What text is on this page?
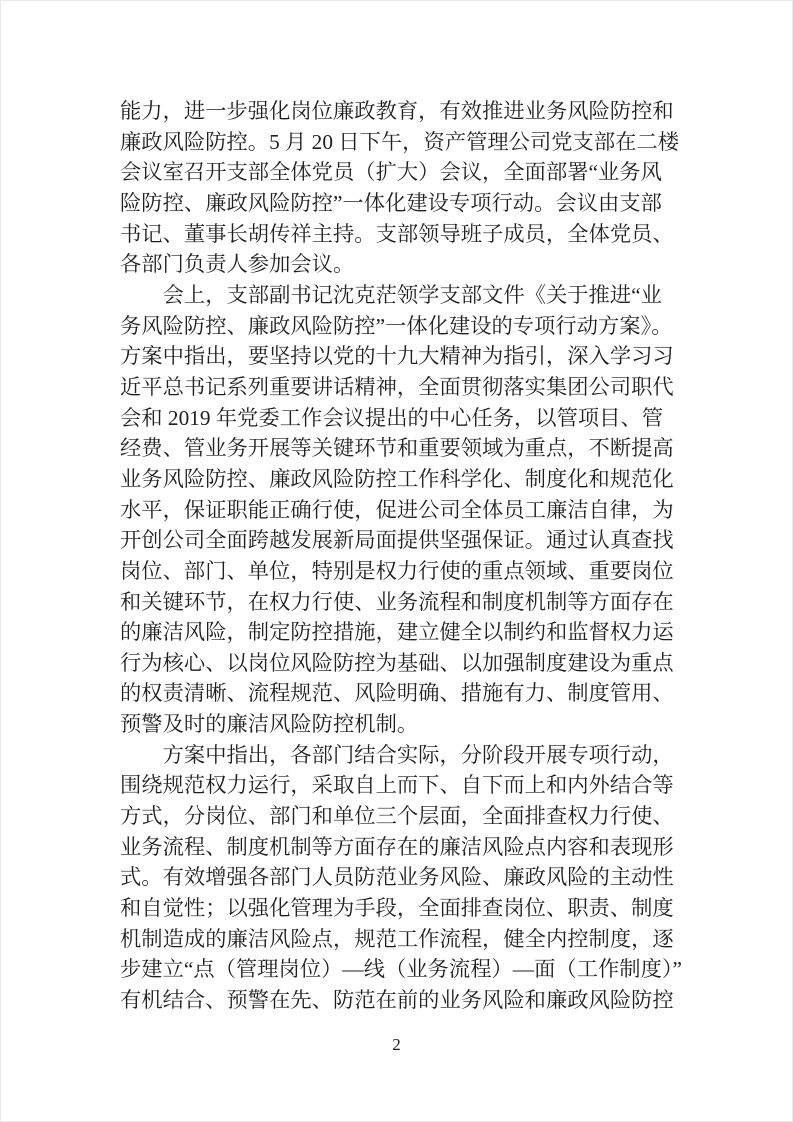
能力，进一步强化岗位廉政教育，有效推进业务风险防控和
廉政风险防控。5 月 20 日下午，资产管理公司党支部在二楼
会议室召开支部全体党员（扩大）会议，全面部署“业务风
险防控、廉政风险防控”一体化建设专项行动。会议由支部
书记、董事长胡传祥主持。支部领导班子成员，全体党员、
各部门负责人参加会议。
会上，支部副书记沈克茫领学支部文件《关于推进“业
务风险防控、廉政风险防控”一体化建设的专项行动方案》。
方案中指出，要坚持以党的十九大精神为指引，深入学习习
近平总书记系列重要讲话精神，全面贯彻落实集团公司职代
会和 2019 年党委工作会议提出的中心任务，以管项目、管
经费、管业务开展等关键环节和重要领域为重点，不断提高
业务风险防控、廉政风险防控工作科学化、制度化和规范化
水平，保证职能正确行使，促进公司全体员工廉洁自律，为
开创公司全面跨越发展新局面提供坚强保证。通过认真查找
岗位、部门、单位，特别是权力行使的重点领域、重要岗位
和关键环节，在权力行使、业务流程和制度机制等方面存在
的廉洁风险，制定防控措施，建立健全以制约和监督权力运
行为核心、以岗位风险防控为基础、以加强制度建设为重点
的权责清晰、流程规范、风险明确、措施有力、制度管用、
预警及时的廉洁风险防控机制。
方案中指出，各部门结合实际，分阶段开展专项行动，
围绕规范权力运行，采取自上而下、自下而上和内外结合等
方式，分岗位、部门和单位三个层面，全面排查权力行使、
业务流程、制度机制等方面存在的廉洁风险点内容和表现形
式。有效增强各部门人员防范业务风险、廉政风险的主动性
和自觉性；以强化管理为手段，全面排查岗位、职责、制度
机制造成的廉洁风险点，规范工作流程，健全内控制度，逐
步建立“点（管理岗位）—线（业务流程）—面（工作制度）”
有机结合、预警在先、防范在前的业务风险和廉政风险防控
2
